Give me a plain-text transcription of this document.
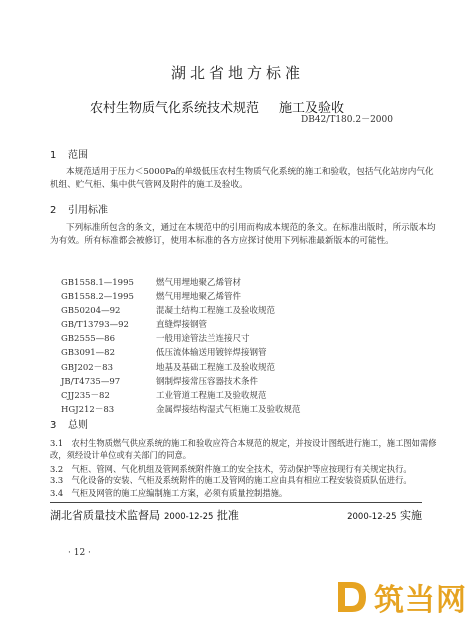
湖北省地方标准
农村生物质气化系统技术规范 施工及验收
DB42/T180.2－2000
1 范围
本规范适用于压力＜5000Pa的单级低压农村生物质气化系统的施工和验收，包括气化站房内气化机组、贮气柜、集中供气管网及附件的施工及验收。
2 引用标准
下列标准所包含的条文，通过在本规范中的引用而构成本规范的条文。在标准出版时，所示版本均为有效。所有标准都会被修订，使用本标准的各方应探讨使用下列标准最新版本的可能性。
GB1558.1—1995	燃气用埋地聚乙烯管材
GB1558.2—1995	燃气用埋地聚乙烯管件
GB50204—92	混凝土结构工程施工及验收规范
GB/T13793—92	直缝焊接钢管
GB2555—86	一般用途管法兰连接尺寸
GB3091—82	低压流体输送用镀锌焊接钢管
GBJ202－83	地基及基础工程施工及验收规范
JB/T4735—97	钢制焊接常压容器技术条件
CJJ235－82	工业管道工程施工及验收规范
HGJ212－83	金属焊接结构湿式气柜施工及验收规范
3 总则
3.1　农村生物质燃气供应系统的施工和验收应符合本规范的规定，并按设计图纸进行施工，施工图如需修改，须经设计单位或有关部门的同意。
3.2　气柜、管网、气化机组及管网系统附件施工的安全技术，劳动保护等应按现行有关规定执行。
湖北省质量技术监督局 2000-12-25 批准	2000-12-25 实施
· 12 ·
筑当网
3.3　气化设备的安装、气柜及系统附件的施工及管网的施工应由具有相应工程安装资质队伍进行。
3.4　气柜及网管的施工应编制施工方案，必须有质量控制措施。
